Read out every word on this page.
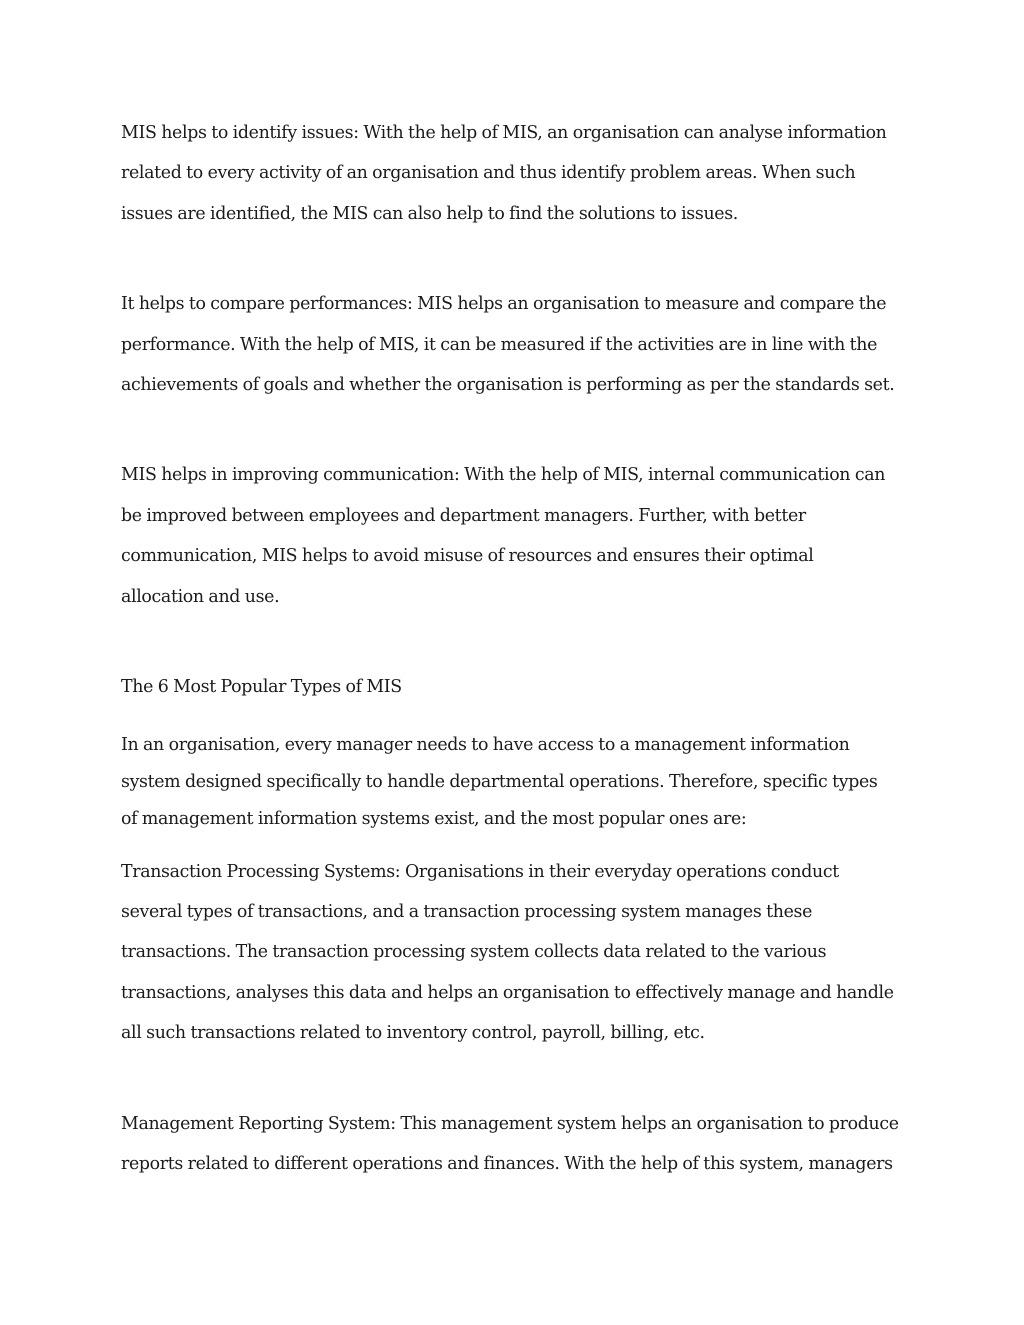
MIS helps to identify issues: With the help of MIS, an organisation can analyse information
related to every activity of an organisation and thus identify problem areas. When such
issues are identified, the MIS can also help to find the solutions to issues.
It helps to compare performances: MIS helps an organisation to measure and compare the
performance. With the help of MIS, it can be measured if the activities are in line with the
achievements of goals and whether the organisation is performing as per the standards set.
MIS helps in improving communication: With the help of MIS, internal communication can
be improved between employees and department managers. Further, with better
communication, MIS helps to avoid misuse of resources and ensures their optimal
allocation and use.
The 6 Most Popular Types of MIS
In an organisation, every manager needs to have access to a management information
system designed specifically to handle departmental operations. Therefore, specific types
of management information systems exist, and the most popular ones are:
Transaction Processing Systems: Organisations in their everyday operations conduct
several types of transactions, and a transaction processing system manages these
transactions. The transaction processing system collects data related to the various
transactions, analyses this data and helps an organisation to effectively manage and handle
all such transactions related to inventory control, payroll, billing, etc.
Management Reporting System: This management system helps an organisation to produce
reports related to different operations and finances. With the help of this system, managers
